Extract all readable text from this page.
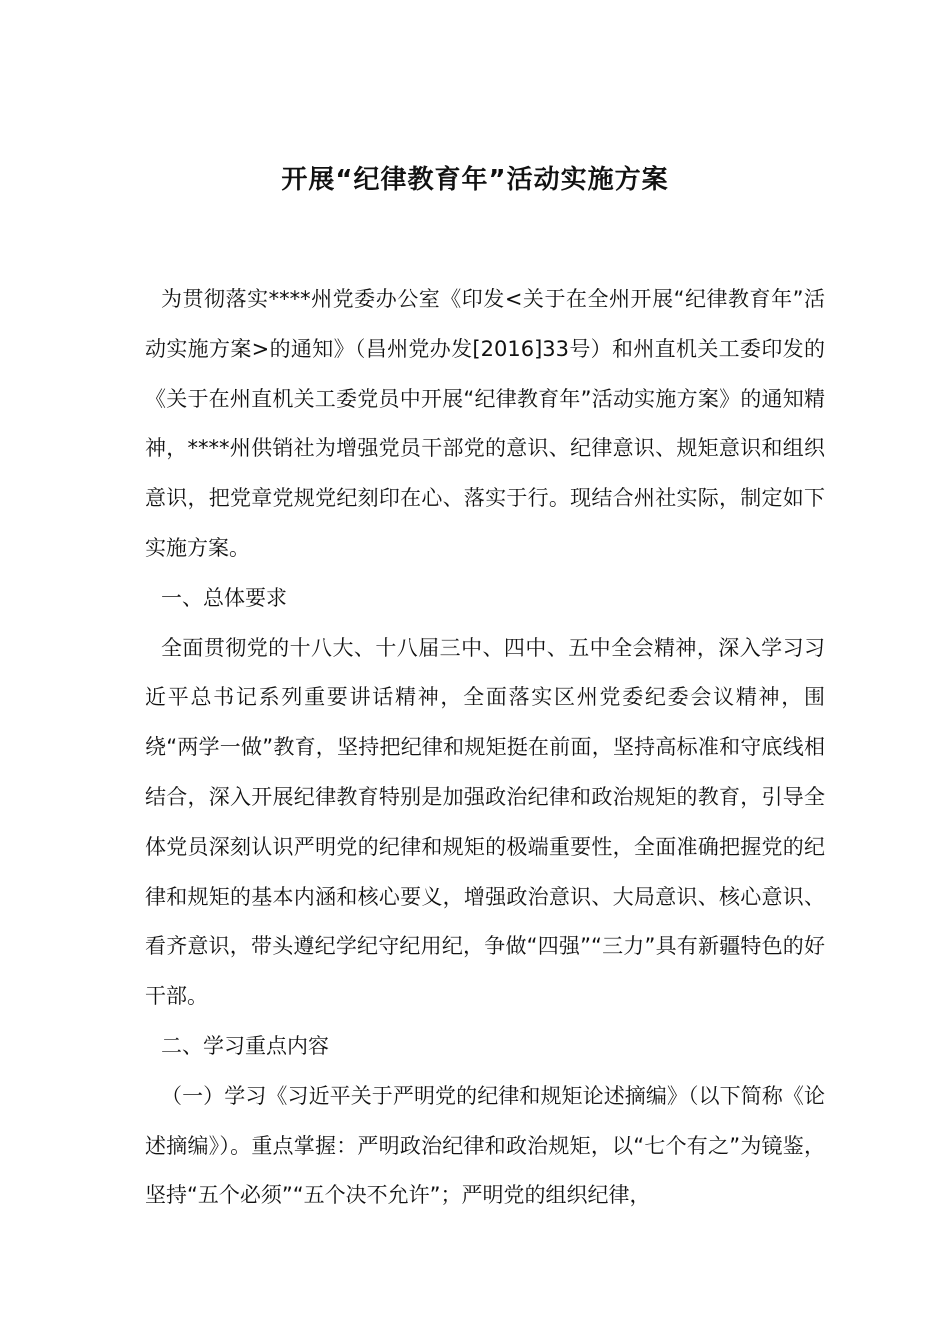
开展“纪律教育年”活动实施方案

为贯彻落实****州党委办公室《印发<关于在全州开展“纪律教育年”活动实施方案>的通知》（昌州党办发[2016]33号）和州直机关工委印发的《关于在州直机关工委党员中开展“纪律教育年”活动实施方案》的通知精神，****州供销社为增强党员干部党的意识、纪律意识、规矩意识和组织意识，把党章党规党纪刻印在心、落实于行。现结合州社实际，制定如下实施方案。

一、总体要求

全面贯彻党的十八大、十八届三中、四中、五中全会精神，深入学习习近平总书记系列重要讲话精神，全面落实区州党委纪委会议精神，围绕“两学一做”教育，坚持把纪律和规矩挺在前面，坚持高标准和守底线相结合，深入开展纪律教育特别是加强政治纪律和政治规矩的教育，引导全体党员深刻认识严明党的纪律和规矩的极端重要性，全面准确把握党的纪律和规矩的基本内涵和核心要义，增强政治意识、大局意识、核心意识、看齐意识，带头遵纪学纪守纪用纪，争做“四强”“三力”具有新疆特色的好干部。

二、学习重点内容

（一）学习《习近平关于严明党的纪律和规矩论述摘编》（以下简称《论述摘编》）。重点掌握：严明政治纪律和政治规矩，以“七个有之”为镜鉴，坚持“五个必须”“五个决不允许”；严明党的组织纪律，
